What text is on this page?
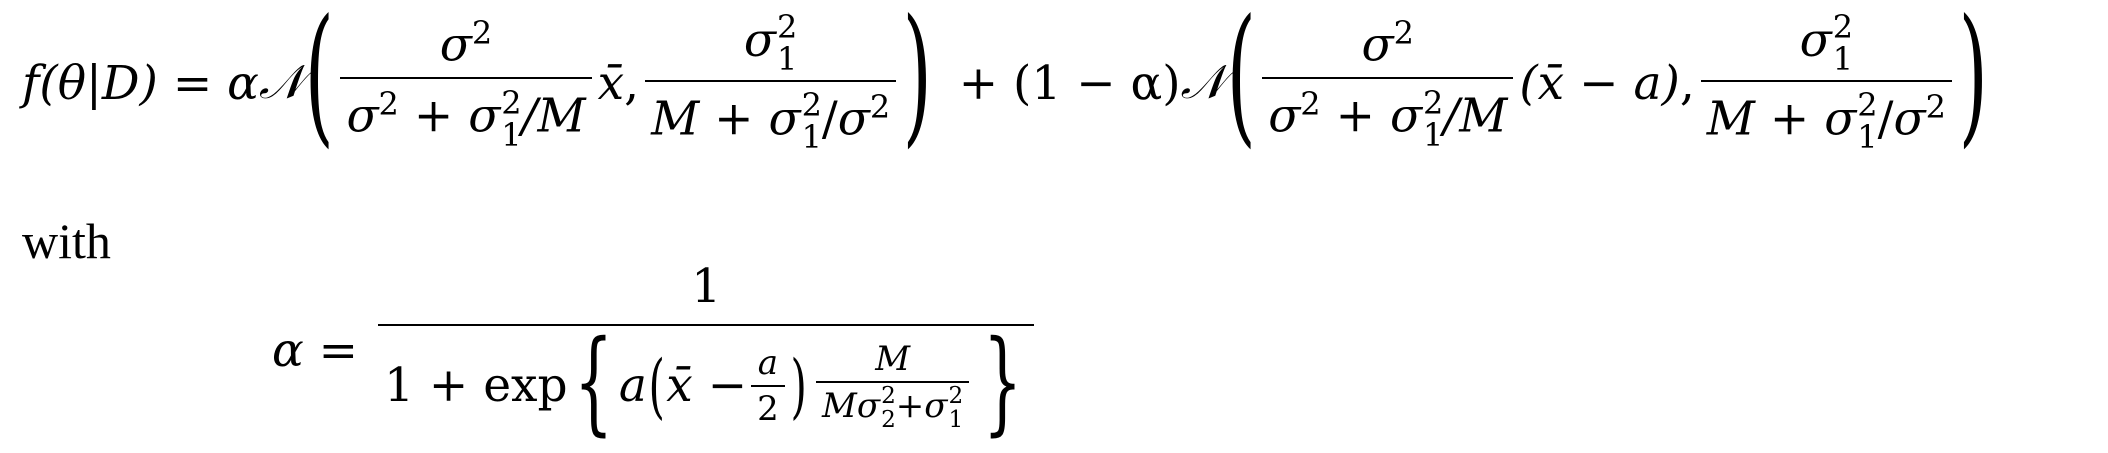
f(θ|D) = α 𝒩 ( $\sigma^2$
$\sigma^2 + \sigma$ 2
1 /M x̄ , σ 2
1
M + σ 2
1 $/\sigma^2$ ) + (1 − α) 𝒩 ( $\sigma^2$
$\sigma^2 + \sigma$ 2
1 /M (x̄ − a) , σ 2
1
M + σ 2
1 $/\sigma^2$ )
with
α =
1
1 + exp { a ( x̄ − $\frac{a}{2}$ ) M
Mσ 2
2 +σ 2
1 }
